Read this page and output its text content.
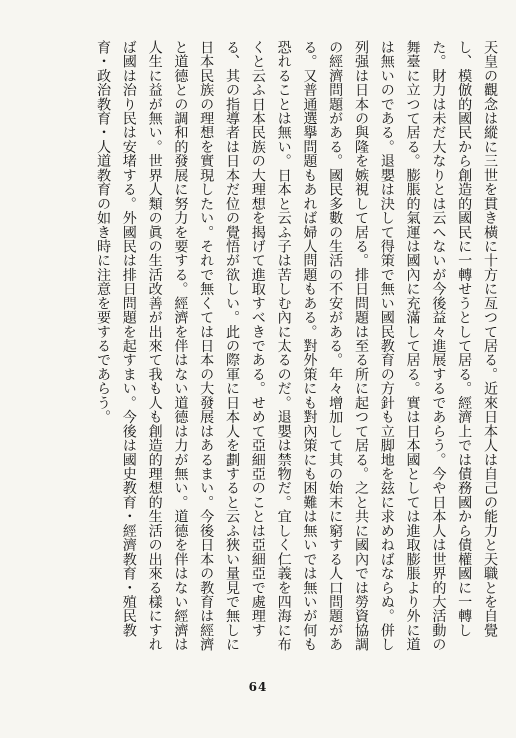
天皇の觀念は縱に三世を貫き橫に十方に亙つて居る。近來日本人は自己の能力と天職とを自覺し、模倣的國民から創造的國民に一轉せうとして居る。經濟上では債務國から債權國に一轉した。財力は未だ大なりとは云へないが今後益々進展するであらう。今や日本人は世界的大活動の舞臺に立つて居る。膨脹的氣運は國內に充滿して居る。實は日本國としては進取膨脹より外に道は無いのである。退嬰は決して得策で無い國民教育の方針も立脚地を玆に求めねばならぬ。併し列强は日本の與隆を嫉視して居る。排日問題は至る所に起つて居る。之と共に國內では勞資協調の經濟問題がある。國民多數の生活の不安がある。年々增加して其の始末に窮する人口問題がある。又普通選擧問題もあれば婦人問題もある。對外策にも對內策にも困難は無いでは無いが何も恐れることは無い。日本と云ふ子は苦しむ內に太るのだ。退嬰は禁物だ。宜しく仁義を四海に布くと云ふ日本民族の大理想を揭げて進取すべきである。せめて亞細亞のことは亞細亞で處理する、其の指導者は日本だ位の覺悟が欲しい。此の際軍に日本人を劃すると云ふ狹い量見で無しに日本民族の理想を實現したい。それで無くては日本の大發展はあるまい。今後日本の教育は經濟と道德との調和的發展に努力を要する。經濟を伴はない道德は力が無い。道德を伴はない經濟は人生に益が無い。世界人類の眞の生活改善が出來て我も人も創造的理想的生活の出來る樣にすれば國は治り民は安堵する。外國民は排日問題を起すまい。今後は國史教育・經濟教育・殖民教育・政治教育・人道教育の如き時に注意を要するであらう。

64
